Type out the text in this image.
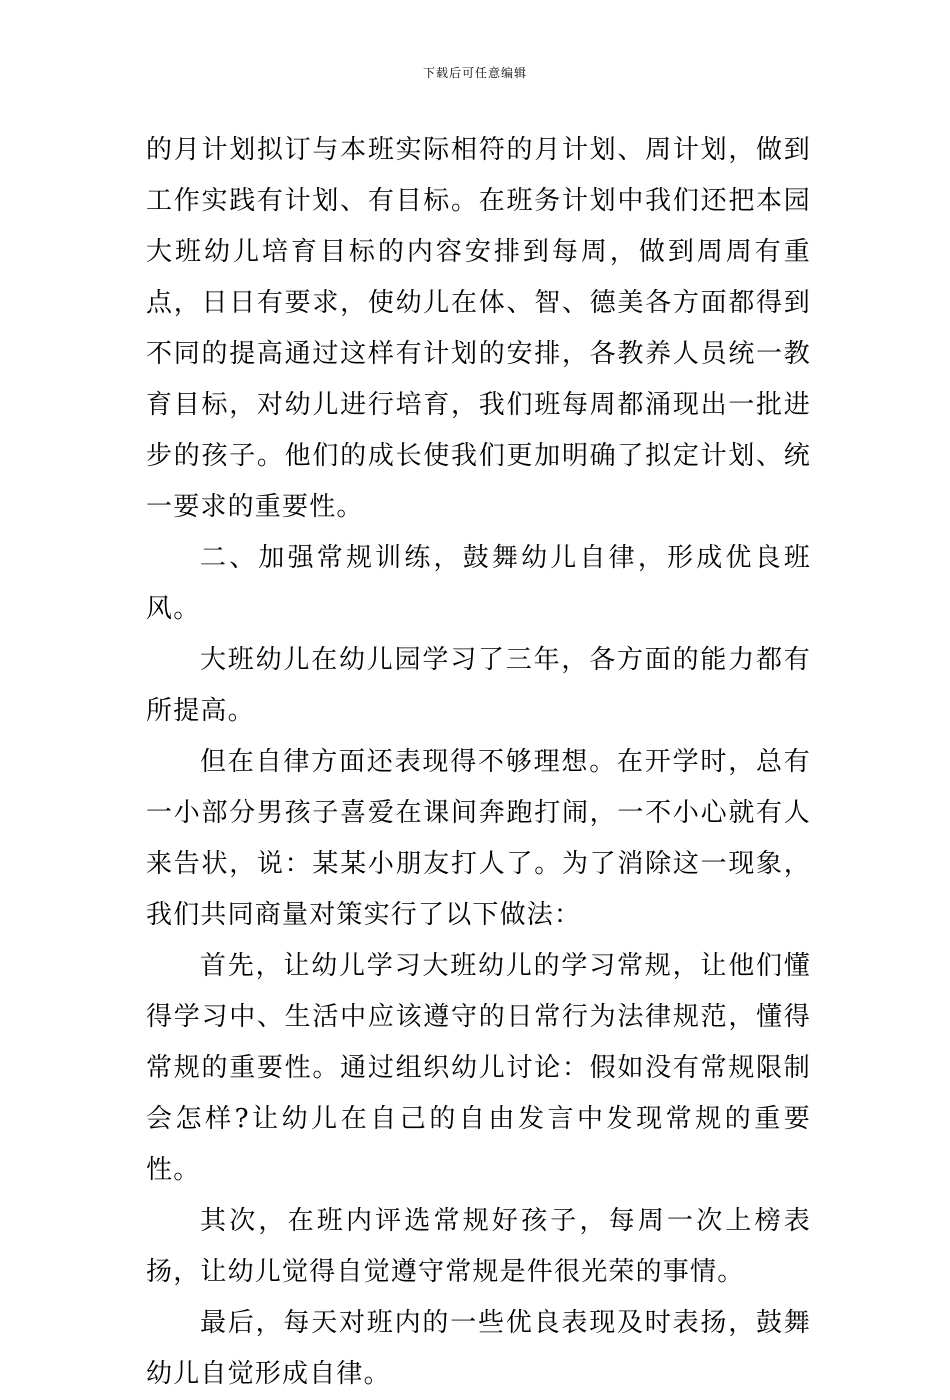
下载后可任意编辑

的月计划拟订与本班实际相符的月计划、周计划，做到工作实践有计划、有目标。在班务计划中我们还把本园大班幼儿培育目标的内容安排到每周，做到周周有重点，日日有要求，使幼儿在体、智、德美各方面都得到不同的提高通过这样有计划的安排，各教养人员统一教育目标，对幼儿进行培育，我们班每周都涌现出一批进步的孩子。他们的成长使我们更加明确了拟定计划、统一要求的重要性。

二、加强常规训练，鼓舞幼儿自律，形成优良班风。

大班幼儿在幼儿园学习了三年，各方面的能力都有所提高。

但在自律方面还表现得不够理想。在开学时，总有一小部分男孩子喜爱在课间奔跑打闹，一不小心就有人来告状，说：某某小朋友打人了。为了消除这一现象，我们共同商量对策实行了以下做法：

首先，让幼儿学习大班幼儿的学习常规，让他们懂得学习中、生活中应该遵守的日常行为法律规范，懂得常规的重要性。通过组织幼儿讨论：假如没有常规限制会怎样?让幼儿在自己的自由发言中发现常规的重要性。

其次，在班内评选常规好孩子，每周一次上榜表扬，让幼儿觉得自觉遵守常规是件很光荣的事情。

最后，每天对班内的一些优良表现及时表扬，鼓舞幼儿自觉形成自律。
